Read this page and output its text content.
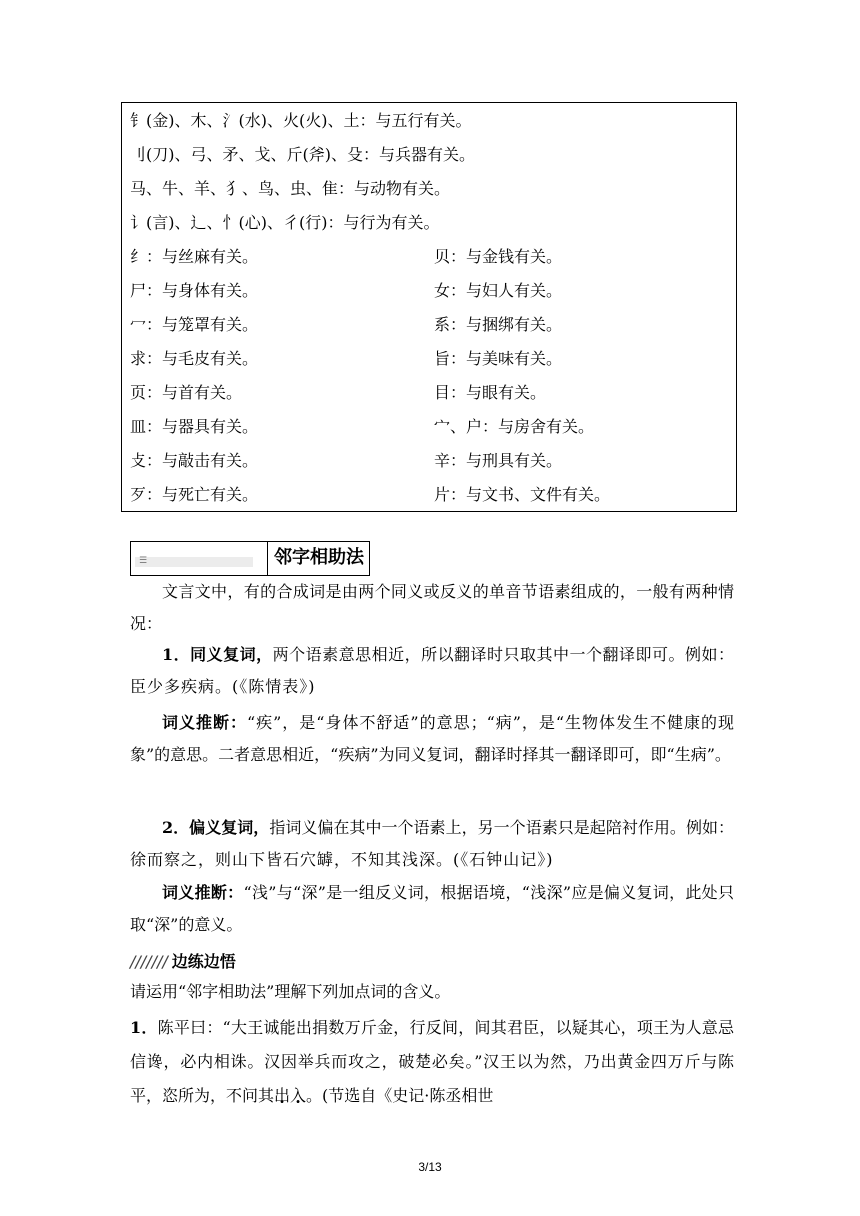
钅(金)、木、氵(水)、火(火)、土：与五行有关。
刂(刀)、弓、矛、戈、斤(斧)、殳：与兵器有关。
马、牛、羊、犭、鸟、虫、隹：与动物有关。
讠(言)、辶、忄(心)、彳(行)：与行为有关。
纟：与丝麻有关。	贝：与金钱有关。
尸：与身体有关。	女：与妇人有关。
冖：与笼罩有关。	系：与捆绑有关。
求：与毛皮有关。	旨：与美味有关。
页：与首有关。	目：与眼有关。
皿：与器具有关。	宀、户：与房舍有关。
攴：与敲击有关。	辛：与刑具有关。
歹：与死亡有关。	片：与文书、文件有关。
☰	邻字相助法

文言文中，有的合成词是由两个同义或反义的单音节语素组成的，一般有两种情况：

1．同义复词，两个语素意思相近，所以翻译时只取其中一个翻译即可。例如：臣少多疾病。(《陈情表》)

词义推断：“疾”，是“身体不舒适”的意思；“病”，是“生物体发生不健康的现象”的意思。二者意思相近，“疾病”为同义复词，翻译时择其一翻译即可，即“生病”。

2．偏义复词，指词义偏在其中一个语素上，另一个语素只是起陪衬作用。例如：徐而察之，则山下皆石穴罅，不知其浅深。(《石钟山记》)

词义推断：“浅”与“深”是一组反义词，根据语境，“浅深”应是偏义复词，此处只取“深”的意义。

/////// 边练边悟

请运用“邻字相助法”理解下列加点词的含义。

1．陈平曰：“大王诚能出捐数万斤金，行反间，间其君臣，以疑其心，项王为人意忌信谗，必内相诛。汉因举兵而攻之，破楚必矣。”汉王以为然，乃出黄金四万斤与陈平，恣所为，不问其出入。(节选自《史记·陈丞相世

3/13
